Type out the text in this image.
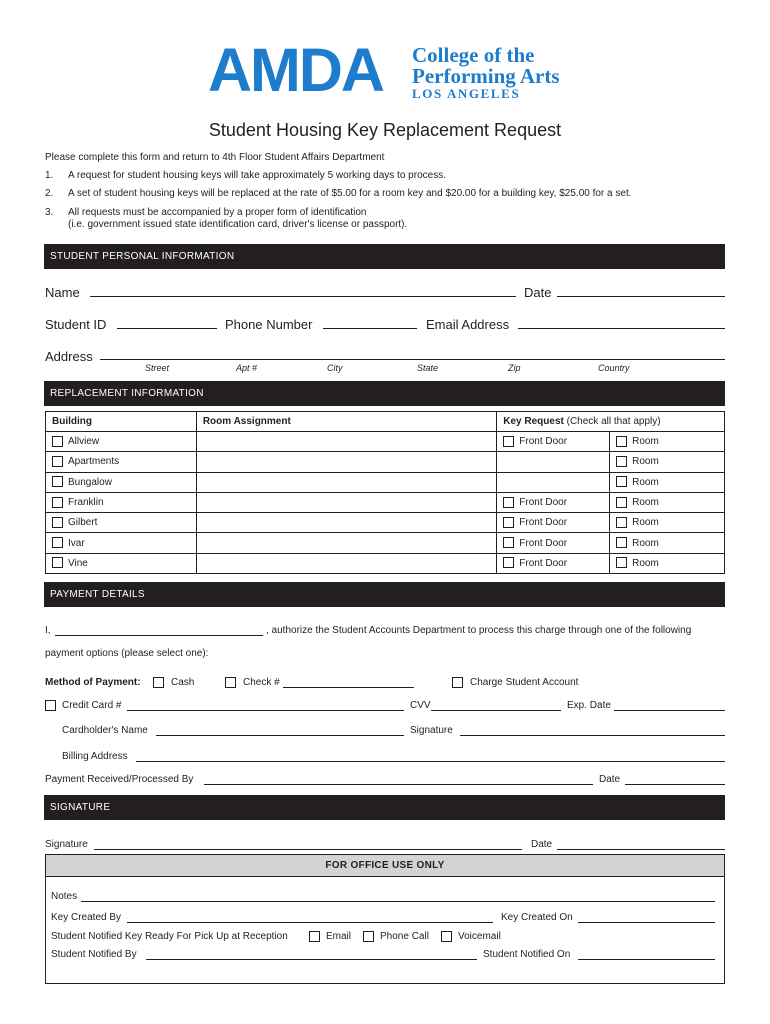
AMDA College of the
Performing Arts
LOS ANGELES
Student Housing Key Replacement Request
Please complete this form and return to 4th Floor Student Affairs Department
1. A request for student housing keys will take approximately 5 working days to process.
2. A set of student housing keys will be replaced at the rate of $5.00 for a room key and $20.00 for a building key, $25.00 for a set.
3. All requests must be accompanied by a proper form of identification
(i.e. government issued state identification card, driver's license or passport).
STUDENT PERSONAL INFORMATION
Name	Date
Student ID	Phone Number	Email Address
Address
Street	Apt #	City	State	Zip	Country
REPLACEMENT INFORMATION
Building	Room Assignment	Key Request (Check all that apply)	

Allview		Front Door	Room

Apartments			Room

Bungalow			Room

Franklin		Front Door	Room

Gilbert		Front Door	Room

Ivar		Front Door	Room

Vine		Front Door	Room
PAYMENT DETAILS
I,	, authorize the Student Accounts Department to process this charge through one of the following
payment options (please select one):
Method of Payment:	Cash	Check #	Charge Student Account
Credit Card #	CVV	Exp. Date
Cardholder's Name	Signature
Billing Address
Payment Received/Processed By	Date
SIGNATURE
Signature	Date
FOR OFFICE USE ONLY
Notes
Key Created By	Key Created On
Student Notified Key Ready For Pick Up at Reception	Email	Phone Call	Voicemail
Student Notified By	Student Notified On
